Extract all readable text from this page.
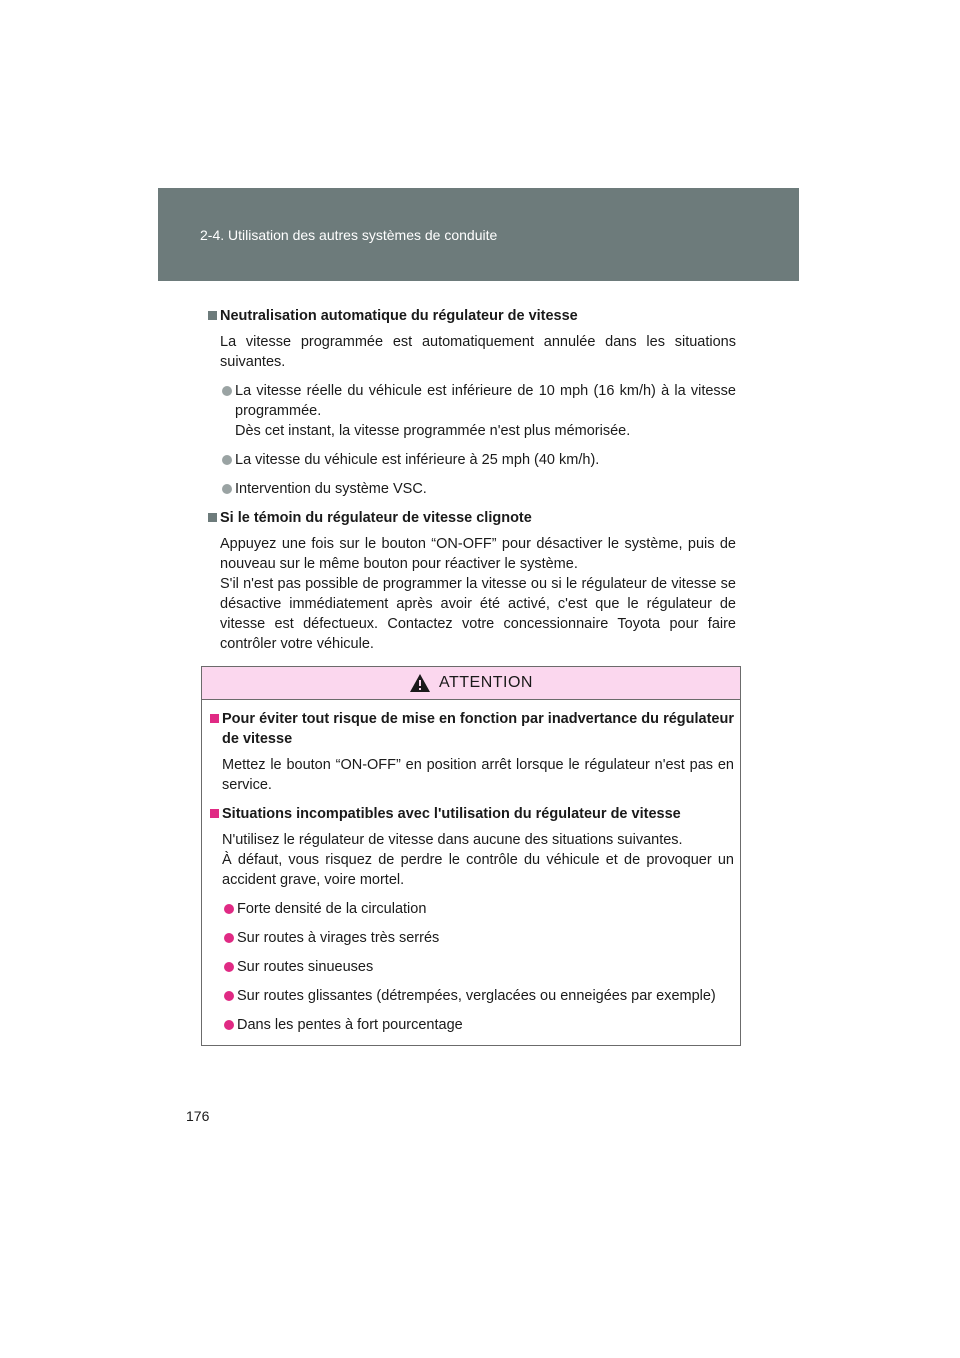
2-4. Utilisation des autres systèmes de conduite

Neutralisation automatique du régulateur de vitesse

La vitesse programmée est automatiquement annulée dans les situations suivantes.

La vitesse réelle du véhicule est inférieure de 10 mph (16 km/h) à la vitesse programmée.
Dès cet instant, la vitesse programmée n'est plus mémorisée.

La vitesse du véhicule est inférieure à 25 mph (40 km/h).

Intervention du système VSC.

Si le témoin du régulateur de vitesse clignote

Appuyez une fois sur le bouton “ON-OFF” pour désactiver le système, puis de nouveau sur le même bouton pour réactiver le système.

S'il n'est pas possible de programmer la vitesse ou si le régulateur de vitesse se désactive immédiatement après avoir été activé, c'est que le régulateur de vitesse est défectueux. Contactez votre concessionnaire Toyota pour faire contrôler votre véhicule.

ATTENTION

Pour éviter tout risque de mise en fonction par inadvertance du régulateur de vitesse

Mettez le bouton “ON-OFF” en position arrêt lorsque le régulateur n'est pas en service.

Situations incompatibles avec l'utilisation du régulateur de vitesse

N'utilisez le régulateur de vitesse dans aucune des situations suivantes.

À défaut, vous risquez de perdre le contrôle du véhicule et de provoquer un accident grave, voire mortel.

Forte densité de la circulation

Sur routes à virages très serrés

Sur routes sinueuses

Sur routes glissantes (détrempées, verglacées ou enneigées par exemple)

Dans les pentes à fort pourcentage

176
